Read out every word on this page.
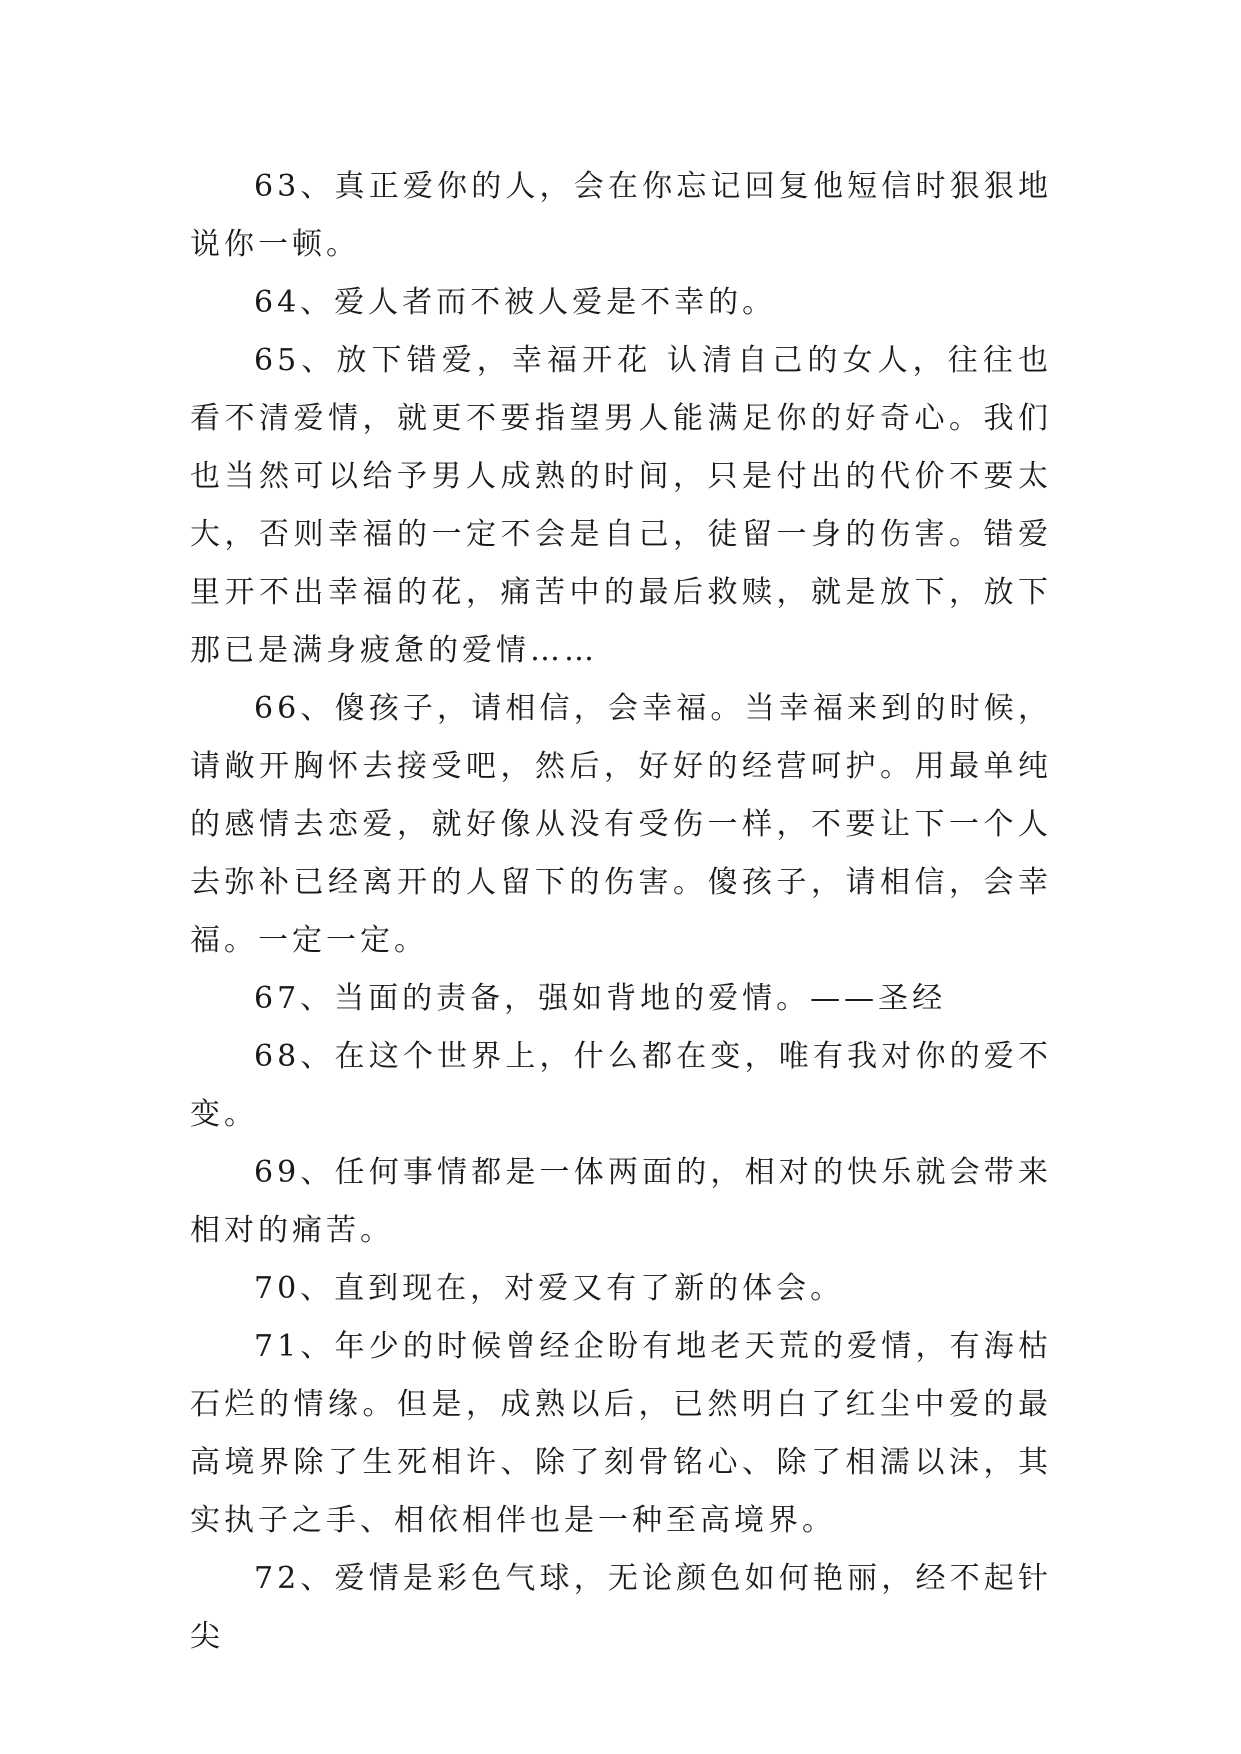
63、真正爱你的人，会在你忘记回复他短信时狠狠地说你一顿。

64、爱人者而不被人爱是不幸的。

65、放下错爱，幸福开花 认清自己的女人，往往也看不清爱情，就更不要指望男人能满足你的好奇心。我们也当然可以给予男人成熟的时间，只是付出的代价不要太大，否则幸福的一定不会是自己，徒留一身的伤害。错爱里开不出幸福的花，痛苦中的最后救赎，就是放下，放下那已是满身疲惫的爱情……

66、傻孩子，请相信，会幸福。当幸福来到的时候，请敞开胸怀去接受吧，然后，好好的经营呵护。用最单纯的感情去恋爱，就好像从没有受伤一样，不要让下一个人去弥补已经离开的人留下的伤害。傻孩子，请相信，会幸福。一定一定。

67、当面的责备，强如背地的爱情。——圣经

68、在这个世界上，什么都在变，唯有我对你的爱不变。

69、任何事情都是一体两面的，相对的快乐就会带来相对的痛苦。

70、直到现在，对爱又有了新的体会。

71、年少的时候曾经企盼有地老天荒的爱情，有海枯石烂的情缘。但是，成熟以后，已然明白了红尘中爱的最高境界除了生死相许、除了刻骨铭心、除了相濡以沫，其实执子之手、相依相伴也是一种至高境界。

72、爱情是彩色气球，无论颜色如何艳丽，经不起针尖
